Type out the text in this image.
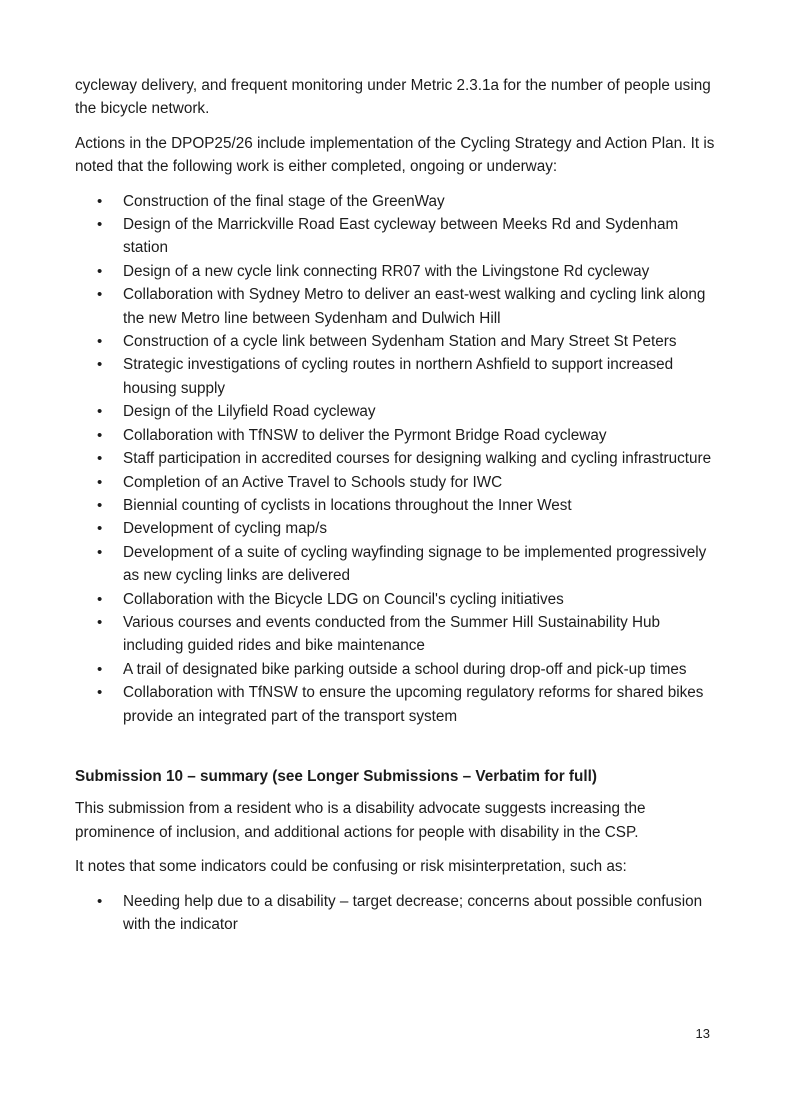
cycleway delivery, and frequent monitoring under Metric 2.3.1a for the number of people using the bicycle network.

Actions in the DPOP25/26 include implementation of the Cycling Strategy and Action Plan. It is noted that the following work is either completed, ongoing or underway:

• Construction of the final stage of the GreenWay
• Design of the Marrickville Road East cycleway between Meeks Rd and Sydenham station
• Design of a new cycle link connecting RR07 with the Livingstone Rd cycleway
• Collaboration with Sydney Metro to deliver an east-west walking and cycling link along the new Metro line between Sydenham and Dulwich Hill
• Construction of a cycle link between Sydenham Station and Mary Street St Peters
• Strategic investigations of cycling routes in northern Ashfield to support increased housing supply
• Design of the Lilyfield Road cycleway
• Collaboration with TfNSW to deliver the Pyrmont Bridge Road cycleway
• Staff participation in accredited courses for designing walking and cycling infrastructure
• Completion of an Active Travel to Schools study for IWC
• Biennial counting of cyclists in locations throughout the Inner West
• Development of cycling map/s
• Development of a suite of cycling wayfinding signage to be implemented progressively as new cycling links are delivered
• Collaboration with the Bicycle LDG on Council's cycling initiatives
• Various courses and events conducted from the Summer Hill Sustainability Hub including guided rides and bike maintenance
• A trail of designated bike parking outside a school during drop-off and pick-up times
• Collaboration with TfNSW to ensure the upcoming regulatory reforms for shared bikes provide an integrated part of the transport system
Submission 10 – summary (see Longer Submissions – Verbatim for full)

This submission from a resident who is a disability advocate suggests increasing the prominence of inclusion, and additional actions for people with disability in the CSP.

It notes that some indicators could be confusing or risk misinterpretation, such as:

• Needing help due to a disability – target decrease; concerns about possible confusion with the indicator
13
